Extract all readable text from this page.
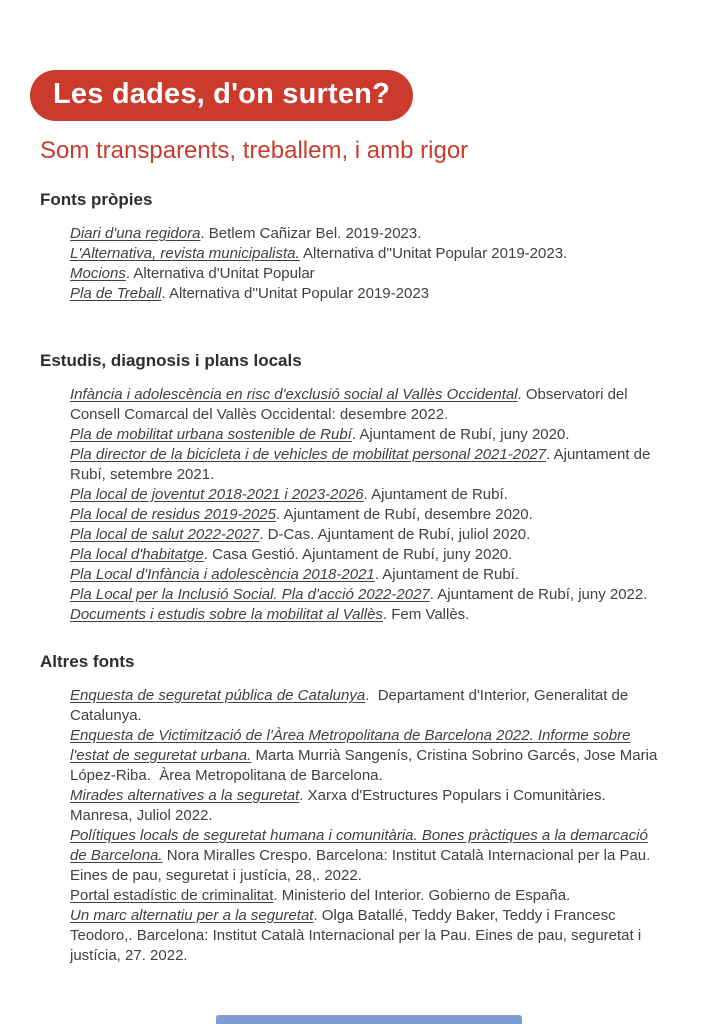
Les dades, d'on surten?
Som transparents, treballem, i amb rigor
Fonts pròpies
Diari d'una regidora. Betlem Cañizar Bel. 2019-2023.
L'Alternativa, revista municipalista. Alternativa d''Unitat Popular 2019-2023.
Mocions. Alternativa d'Unitat Popular
Pla de Treball. Alternativa d''Unitat Popular 2019-2023
Estudis, diagnosis i plans locals
Infància i adolescència en risc d'exclusió social al Vallès Occidental. Observatori del Consell Comarcal del Vallès Occidental: desembre 2022.
Pla de mobilitat urbana sostenible de Rubí. Ajuntament de Rubí, juny 2020.
Pla director de la bicicleta i de vehicles de mobilitat personal 2021-2027. Ajuntament de Rubí, setembre 2021.
Pla local de joventut 2018-2021 i 2023-2026. Ajuntament de Rubí.
Pla local de residus 2019-2025. Ajuntament de Rubí, desembre 2020.
Pla local de salut 2022-2027. D-Cas. Ajuntament de Rubí, juliol 2020.
Pla local d'habitatge. Casa Gestió. Ajuntament de Rubí, juny 2020.
Pla Local d'Infància i adolescència 2018-2021. Ajuntament de Rubí.
Pla Local per la Inclusió Social. Pla d'acció 2022-2027. Ajuntament de Rubí, juny 2022.
Documents i estudis sobre la mobilitat al Vallès. Fem Vallès.
Altres fonts
Enquesta de seguretat pública de Catalunya.  Departament d'Interior, Generalitat de Catalunya.
Enquesta de Victimització de l'Àrea Metropolitana de Barcelona 2022. Informe sobre l'estat de seguretat urbana. Marta Murrià Sangenís, Cristina Sobrino Garcés, Jose Maria López-Riba.  Àrea Metropolitana de Barcelona.
Mirades alternatives a la seguretat. Xarxa d'Estructures Populars i Comunitàries. Manresa, Juliol 2022.
Polítiques locals de seguretat humana i comunitària. Bones pràctiques a la demarcació de Barcelona. Nora Miralles Crespo. Barcelona: Institut Català Internacional per la Pau. Eines de pau, seguretat i justícia, 28,. 2022.
Portal estadístic de criminalitat. Ministerio del Interior. Gobierno de España.
Un marc alternatiu per a la seguretat. Olga Batallé, Teddy Baker, Teddy i Francesc Teodoro,. Barcelona: Institut Català Internacional per la Pau. Eines de pau, seguretat i justícia, 27. 2022.
